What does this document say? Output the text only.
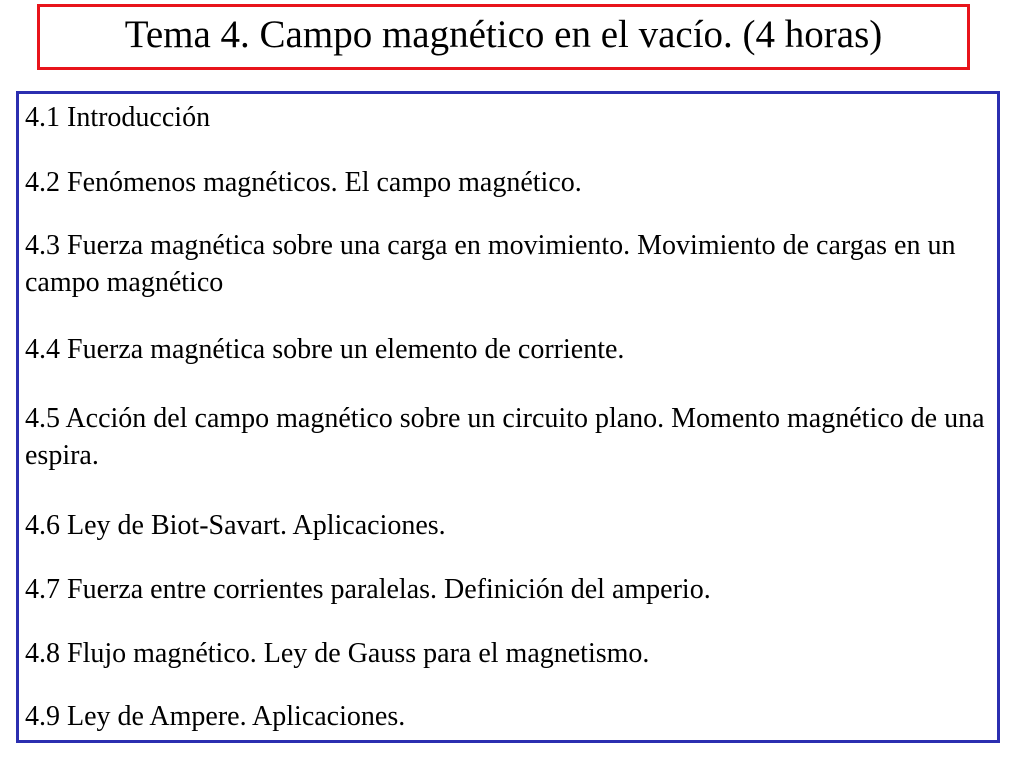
Tema 4. Campo magnético en el vacío. (4 horas)

4.1 Introducción

4.2 Fenómenos magnéticos. El campo magnético.

4.3 Fuerza magnética sobre una carga en movimiento. Movimiento de cargas en un campo magnético

4.4 Fuerza magnética sobre un elemento de corriente.

4.5 Acción del campo magnético sobre un circuito plano. Momento magnético de una espira.

4.6 Ley de Biot-Savart. Aplicaciones.

4.7 Fuerza entre corrientes paralelas. Definición del amperio.

4.8 Flujo magnético. Ley de Gauss para el magnetismo.

4.9 Ley de Ampere. Aplicaciones.
